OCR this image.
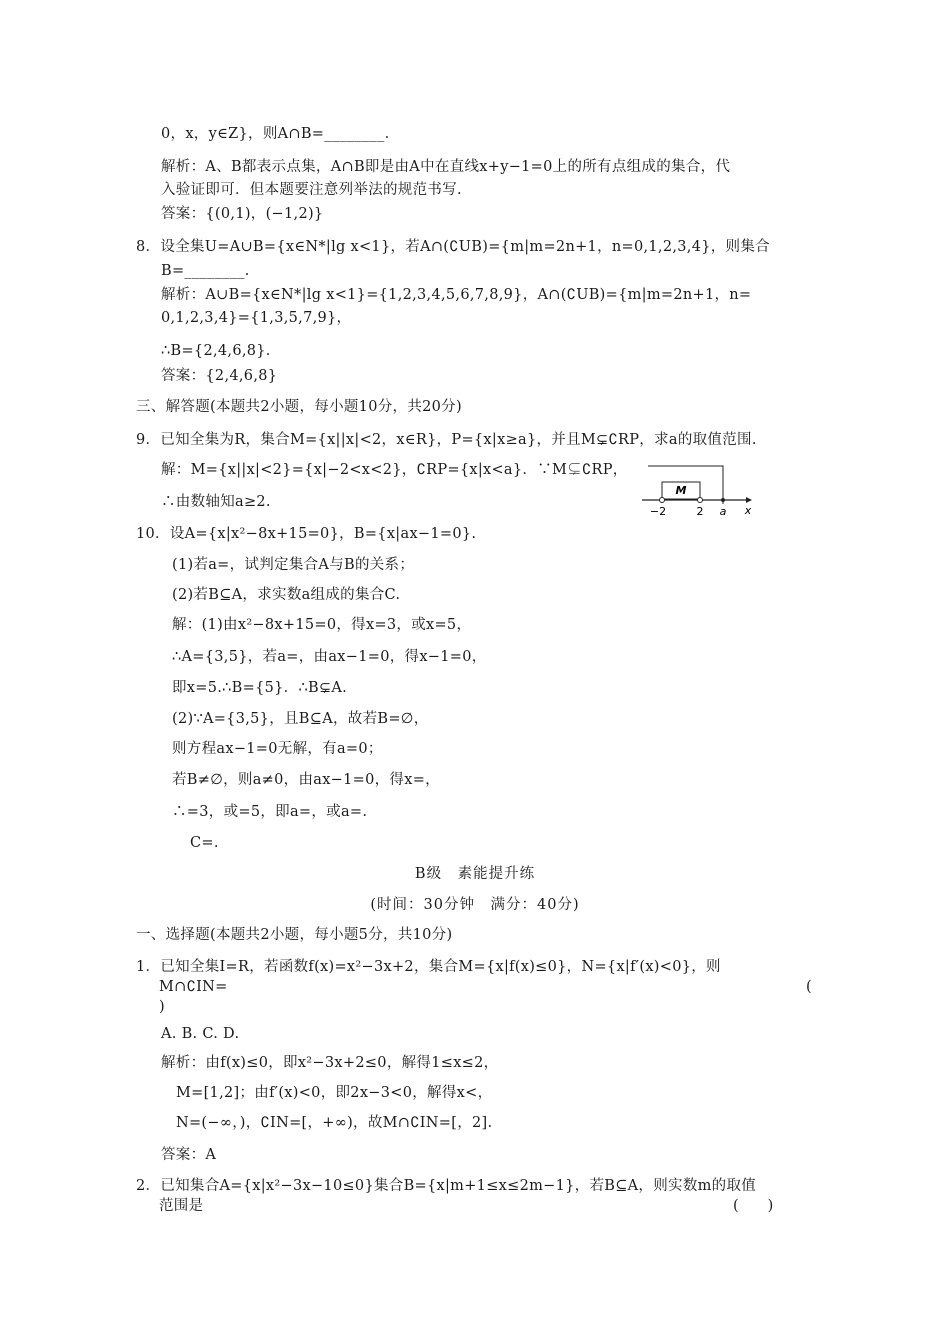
0，x，y∈Z}，则A∩B=________.
解析：A、B都表示点集，A∩B即是由A中在直线x+y−1=0上的所有点组成的集合，代
入验证即可．但本题要注意列举法的规范书写.
答案：{(0,1)，(−1,2)}
8．设全集U=A∪B={x∈N*|lg x<1}，若A∩(∁UB)={m|m=2n+1，n=0,1,2,3,4}，则集合
B=________.
解析：A∪B={x∈N*|lg x<1}={1,2,3,4,5,6,7,8,9}，A∩(∁UB)={m|m=2n+1，n=
0,1,2,3,4}={1,3,5,7,9}，
∴B={2,4,6,8}.
答案：{2,4,6,8}
三、解答题(本题共2小题，每小题10分，共20分)
9．已知全集为R，集合M={x||x|<2，x∈R}，P={x|x≥a}，并且M⊊∁RP，求a的取值范围.
解：M={x||x|<2}={x|−2<x<2}，∁RP={x|x<a}．∵M⊊∁RP，
∴由数轴知a≥2.
M
−2	2 a x
10．设A={x|x²−8x+15=0}，B={x|ax−1=0}.
(1)若a=，试判定集合A与B的关系；
(2)若B⊆A，求实数a组成的集合C.
解：(1)由x²−8x+15=0，得x=3，或x=5，
∴A={3,5}，若a=，由ax−1=0，得x−1=0，
即x=5.∴B={5}．∴B⊊A.
(2)∵A={3,5}，且B⊆A，故若B=∅，
则方程ax−1=0无解，有a=0；
若B≠∅，则a≠0，由ax−1=0，得x=，
∴=3，或=5，即a=，或a=.
C=.
B级　素能提升练
(时间：30分钟　满分：40分)
一、选择题(本题共2小题，每小题5分，共10分)
1．已知全集I=R，若函数f(x)=x²−3x+2，集合M={x|f(x)≤0}，N={x|f′(x)<0}，则
(
M∩∁IN=
)
A. B. C. D.
解析：由f(x)≤0，即x²−3x+2≤0，解得1≤x≤2，
M=[1,2]；由f′(x)<0，即2x−3<0，解得x<，
N=(−∞，)，∁IN=[，+∞)，故M∩∁IN=[，2].
答案：A
2．已知集合A={x|x²−3x−10≤0}集合B={x|m+1≤x≤2m−1}，若B⊆A，则实数m的取值
范围是	(　　)
